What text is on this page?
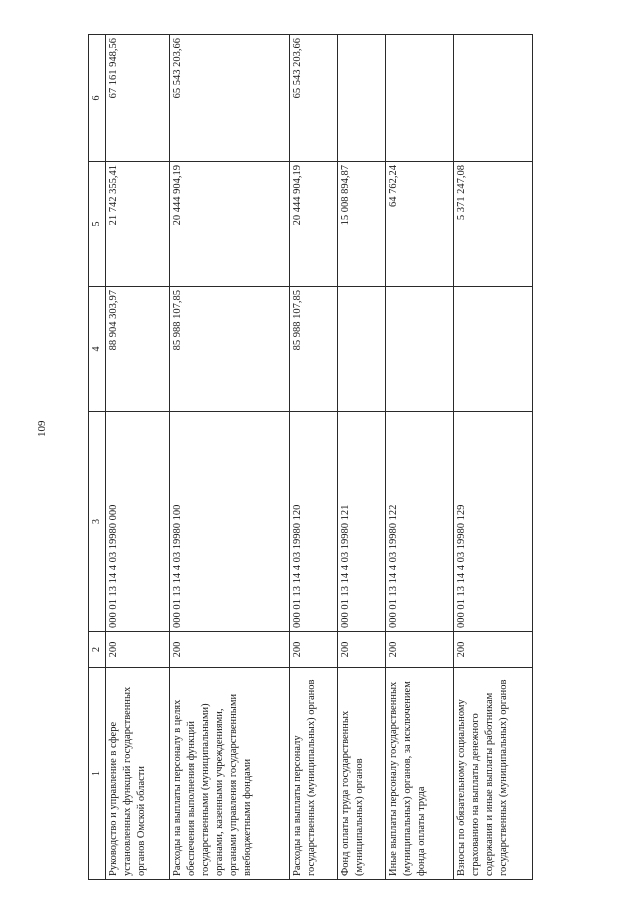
109
1	2	3	4	5	6
Руководство и управление в сфере установленных функций государственных органов Омской области	200	000 01 13 14 4 03 19980 000	88 904 303,97	21 742 355,41	67 161 948,56
Расходы на выплаты персоналу в целях обеспечения выполнения функций государственными (муниципальными) органами, казенными учреждениями, органами управления государственными внебюджетными фондами	200	000 01 13 14 4 03 19980 100	85 988 107,85	20 444 904,19	65 543 203,66
Расходы на выплаты персоналу государственных (муниципальных) органов	200	000 01 13 14 4 03 19980 120	85 988 107,85	20 444 904,19	65 543 203,66
Фонд оплаты труда государственных (муниципальных) органов	200	000 01 13 14 4 03 19980 121		15 008 894,87	
Иные выплаты персоналу государственных (муниципальных) органов, за исключением фонда оплаты труда	200	000 01 13 14 4 03 19980 122		64 762,24	
Взносы по обязательному социальному страхованию на выплаты денежного содержания и иные выплаты работникам государственных (муниципальных) органов	200	000 01 13 14 4 03 19980 129		5 371 247,08	
